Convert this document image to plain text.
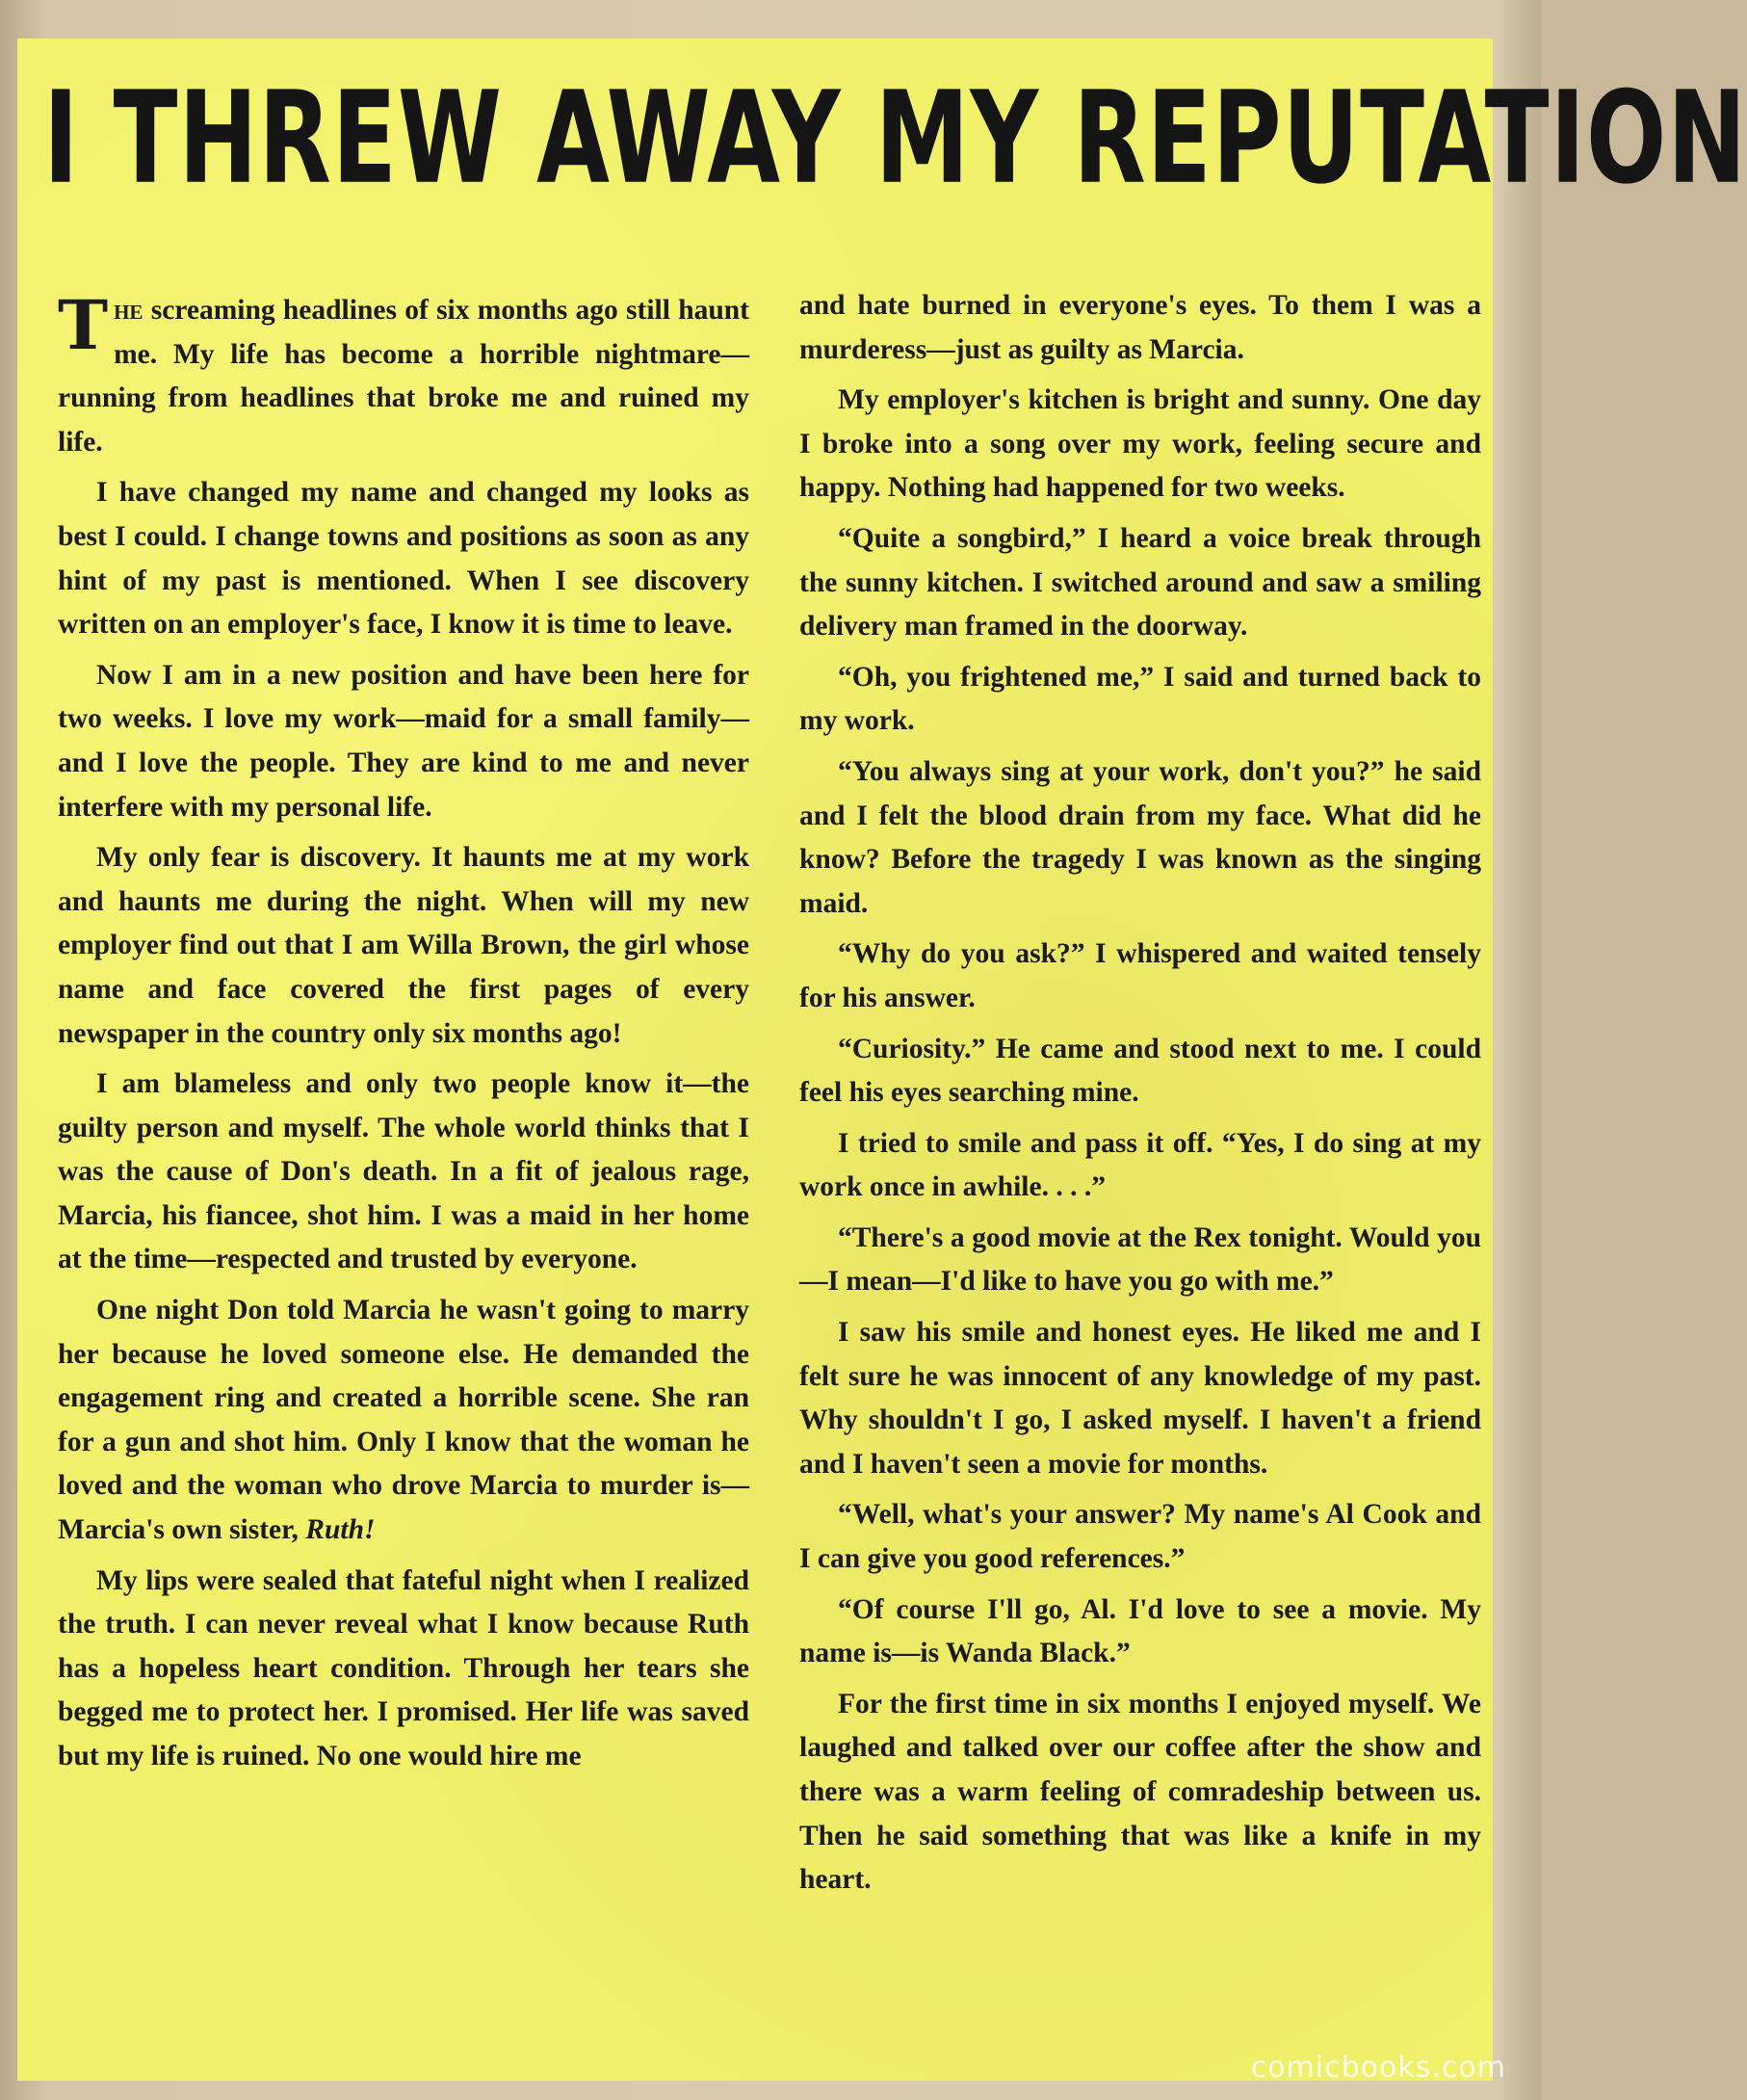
I THREW AWAY MY REPUTATION

The screaming headlines of six months ago still haunt me. My life has become a horrible nightmare—running from headlines that broke me and ruined my life.

I have changed my name and changed my looks as best I could. I change towns and positions as soon as any hint of my past is mentioned. When I see discovery written on an employer's face, I know it is time to leave.

Now I am in a new position and have been here for two weeks. I love my work—maid for a small family—and I love the people. They are kind to me and never interfere with my personal life.

My only fear is discovery. It haunts me at my work and haunts me during the night. When will my new employer find out that I am Willa Brown, the girl whose name and face covered the first pages of every newspaper in the country only six months ago!

I am blameless and only two people know it—the guilty person and myself. The whole world thinks that I was the cause of Don's death. In a fit of jealous rage, Marcia, his fiancee, shot him. I was a maid in her home at the time—respected and trusted by everyone.

One night Don told Marcia he wasn't going to marry her because he loved someone else. He demanded the engagement ring and created a horrible scene. She ran for a gun and shot him. Only I know that the woman he loved and the woman who drove Marcia to murder is—Marcia's own sister, Ruth!

My lips were sealed that fateful night when I realized the truth. I can never reveal what I know because Ruth has a hopeless heart condition. Through her tears she begged me to protect her. I promised. Her life was saved but my life is ruined. No one would hire me

and hate burned in everyone's eyes. To them I was a murderess—just as guilty as Marcia.

My employer's kitchen is bright and sunny. One day I broke into a song over my work, feeling secure and happy. Nothing had happened for two weeks.

“Quite a songbird,” I heard a voice break through the sunny kitchen. I switched around and saw a smiling delivery man framed in the doorway.

“Oh, you frightened me,” I said and turned back to my work.

“You always sing at your work, don't you?” he said and I felt the blood drain from my face. What did he know? Before the tragedy I was known as the singing maid.

“Why do you ask?” I whispered and waited tensely for his answer.

“Curiosity.” He came and stood next to me. I could feel his eyes searching mine.

I tried to smile and pass it off. “Yes, I do sing at my work once in awhile. . . .”

“There's a good movie at the Rex tonight. Would you—I mean—I'd like to have you go with me.”

I saw his smile and honest eyes. He liked me and I felt sure he was innocent of any knowledge of my past. Why shouldn't I go, I asked myself. I haven't a friend and I haven't seen a movie for months.

“Well, what's your answer? My name's Al Cook and I can give you good references.”

“Of course I'll go, Al. I'd love to see a movie. My name is—is Wanda Black.”

For the first time in six months I enjoyed myself. We laughed and talked over our coffee after the show and there was a warm feeling of comradeship between us. Then he said something that was like a knife in my heart.

comicbooks.com
